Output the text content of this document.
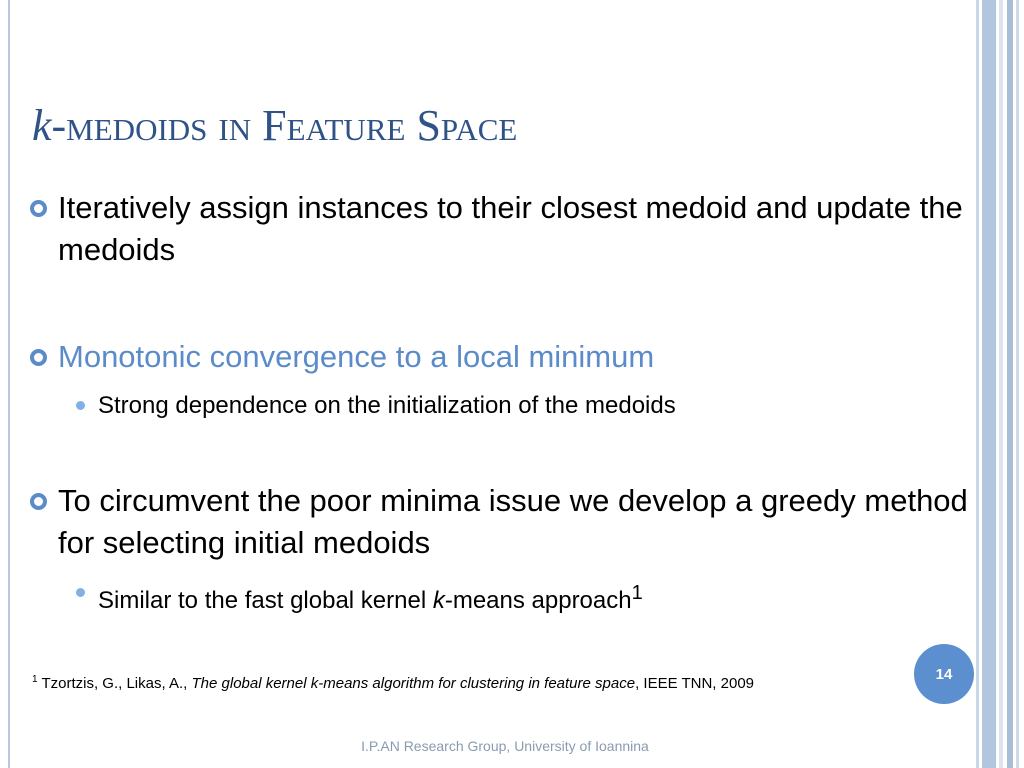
k-medoids in Feature Space
Iteratively assign instances to their closest medoid and update the medoids
Monotonic convergence to a local minimum
Strong dependence on the initialization of the medoids
To circumvent the poor minima issue we develop a greedy method for selecting initial medoids
Similar to the fast global kernel k-means approach$^1$
$^1$ Tzortzis, G., Likas, A., The global kernel k-means algorithm for clustering in feature space, IEEE TNN, 2009
14
I.P.AN Research Group, University of Ioannina
